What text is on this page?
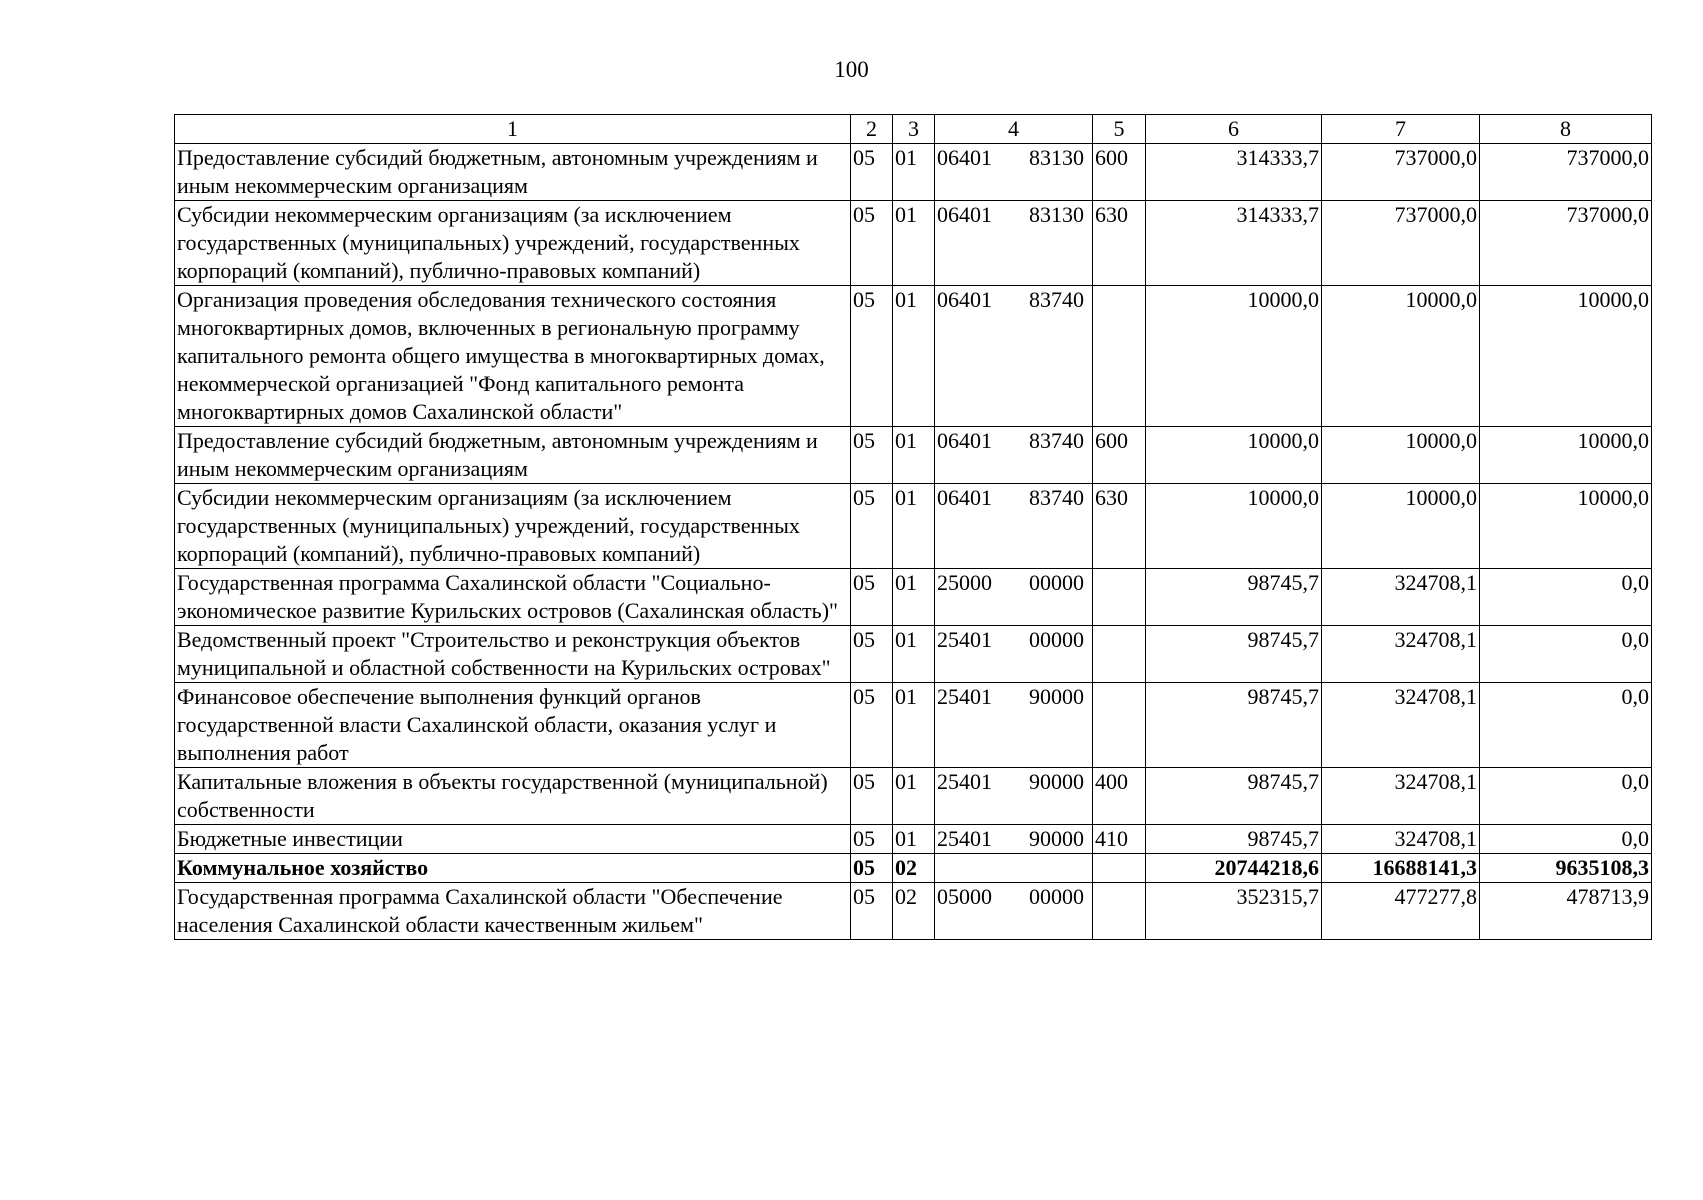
100
1	2	3	4	5	6	7	8
Предоставление субсидий бюджетным, автономным учреждениям и иным некоммерческим организациям	05	01	06401 83130	600	314333,7	737000,0	737000,0
Субсидии некоммерческим организациям (за исключением государственных (муниципальных) учреждений, государственных корпораций (компаний), публично-правовых компаний)	05	01	06401 83130	630	314333,7	737000,0	737000,0
Организация проведения обследования технического состояния многоквартирных домов, включенных в региональную программу капитального ремонта общего имущества в многоквартирных домах, некоммерческой организацией "Фонд капитального ремонта многоквартирных домов Сахалинской области"	05	01	06401 83740		10000,0	10000,0	10000,0
Предоставление субсидий бюджетным, автономным учреждениям и иным некоммерческим организациям	05	01	06401 83740	600	10000,0	10000,0	10000,0
Субсидии некоммерческим организациям (за исключением государственных (муниципальных) учреждений, государственных корпораций (компаний), публично-правовых компаний)	05	01	06401 83740	630	10000,0	10000,0	10000,0
Государственная программа Сахалинской области "Социально-экономическое развитие Курильских островов (Сахалинская область)"	05	01	25000 00000		98745,7	324708,1	0,0
Ведомственный проект "Строительство и реконструкция объектов муниципальной и областной собственности на Курильских островах"	05	01	25401 00000		98745,7	324708,1	0,0
Финансовое обеспечение выполнения функций органов государственной власти Сахалинской области, оказания услуг и выполнения работ	05	01	25401 90000		98745,7	324708,1	0,0
Капитальные вложения в объекты государственной (муниципальной) собственности	05	01	25401 90000	400	98745,7	324708,1	0,0
Бюджетные инвестиции	05	01	25401 90000	410	98745,7	324708,1	0,0
Коммунальное хозяйство	05	02			20744218,6	16688141,3	9635108,3
Государственная программа Сахалинской области "Обеспечение населения Сахалинской области качественным жильем"	05	02	05000 00000		352315,7	477277,8	478713,9
